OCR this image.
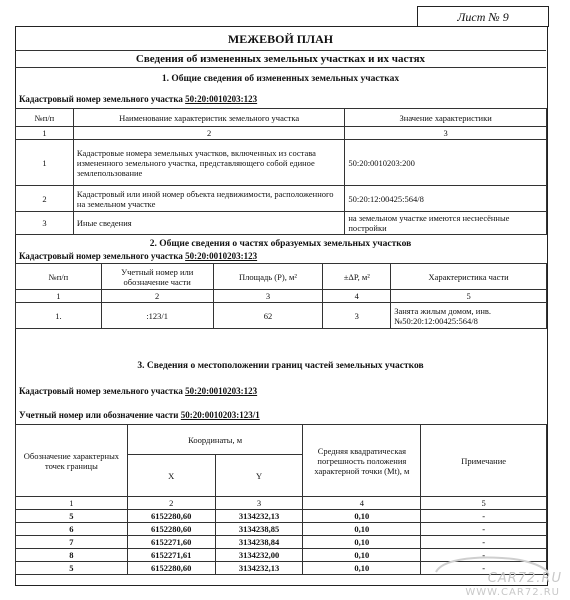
Лист № 9
МЕЖЕВОЙ ПЛАН
Сведения об измененных земельных участках и их частях
1. Общие сведения об измененных земельных участках
Кадастровый номер земельного участка 50:20:0010203:123
№п/п	Наименование характеристик земельного участка	Значение характеристики
1	2	3
1	Кадастровые номера земельных участков, включенных из состава измененного земельного участка, представляющего собой единое землепользование	50:20:0010203:200
2	Кадастровый или иной номер объекта недвижимости, расположенного на земельном участке	50:20:12:00425:564/8
3	Иные сведения	на земельном участке имеются неснесённые постройки
2. Общие сведения о частях образуемых земельных участков
Кадастровый номер земельного участка 50:20:0010203:123
№п/п	Учетный номер или обозначение части	Площадь (P), м²	±ΔP, м²	Характеристика части
1	2	3	4	5
1.	:123/1	62	3	Занята жилым домом, инв. №50:20:12:00425:564/8
3. Сведения о местоположении границ частей земельных участков
Кадастровый номер земельного участка 50:20:0010203:123
Учетный номер или обозначение части 50:20:0010203:123/1
Обозначение характерных точек границы	Координаты, м		Средняя квадратическая погрешность положения характерной точки (Mt), м	Примечание
	X	Y		
1	2	3	4	5
5	6152280,60	3134232,13	0,10	-
6	6152280,60	3134238,85	0,10	-
7	6152271,60	3134238,84	0,10	-
8	6152271,61	3134232,00	0,10	-
5	6152280,60	3134232,13	0,10	-
CAR72.RU
WWW.CAR72.RU
